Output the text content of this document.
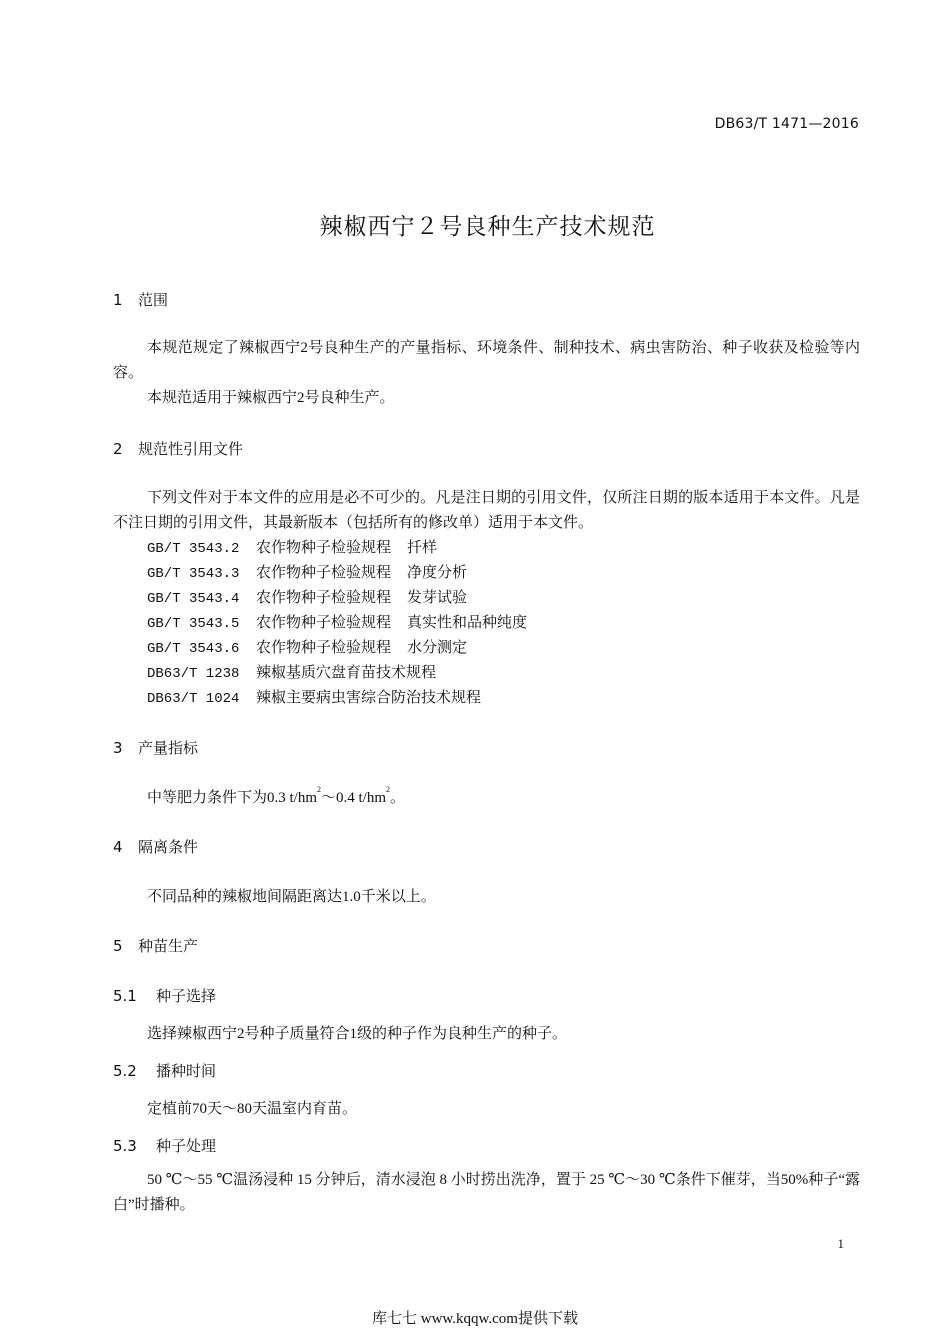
DB63/T 1471—2016
辣椒西宁２号良种生产技术规范
1 范围
本规范规定了辣椒西宁2号良种生产的产量指标、环境条件、制种技术、病虫害防治、种子收获及检验等内容。
本规范适用于辣椒西宁2号良种生产。
2 规范性引用文件
下列文件对于本文件的应用是必不可少的。凡是注日期的引用文件，仅所注日期的版本适用于本文件。凡是不注日期的引用文件，其最新版本（包括所有的修改单）适用于本文件。
GB/T 3543.2 农作物种子检验规程 扦样
GB/T 3543.3 农作物种子检验规程 净度分析
GB/T 3543.4 农作物种子检验规程 发芽试验
GB/T 3543.5 农作物种子检验规程 真实性和品种纯度
GB/T 3543.6 农作物种子检验规程 水分测定
DB63/T 1238 辣椒基质穴盘育苗技术规程
DB63/T 1024 辣椒主要病虫害综合防治技术规程
3 产量指标
中等肥力条件下为0.3 $t/hm^2\sim 0.4$ $t/hm^2$。
4 隔离条件
不同品种的辣椒地间隔距离达1.0千米以上。
5 种苗生产
5.1 种子选择
选择辣椒西宁2号种子质量符合1级的种子作为良种生产的种子。
5.2 播种时间
定植前70天～80天温室内育苗。
5.3 种子处理
50 ℃～55 ℃温汤浸种 15 分钟后，清水浸泡 8 小时捞出洗净，置于 25 ℃～30 ℃条件下催芽，当50%种子“露白”时播种。
1
库七七 www.kqqw.com提供下载
